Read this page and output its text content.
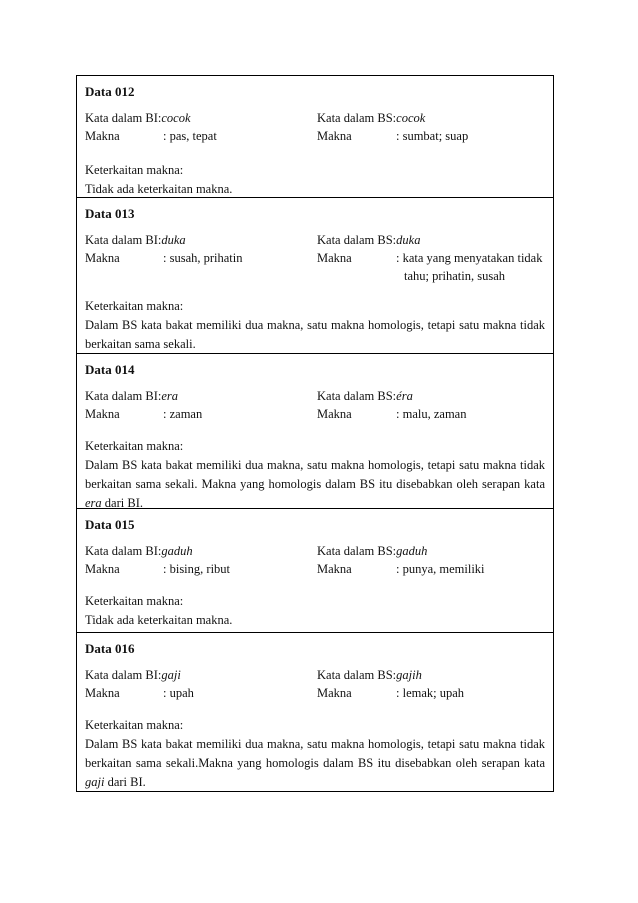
Data 012
Kata dalam BI:cocok	Kata dalam BS:cocok
Makna	: pas, tepat	Makna	: sumbat; suap
Keterkaitan makna:
Tidak ada keterkaitan makna.
Data 013
Kata dalam BI:duka	Kata dalam BS:duka
Makna	: susah, prihatin	Makna	: kata yang menyatakan tidak
tahu; prihatin, susah
Keterkaitan makna:
Dalam BS kata bakat memiliki dua makna, satu makna homologis, tetapi satu makna tidak berkaitan sama sekali.
Data 014
Kata dalam BI:era	Kata dalam BS:éra
Makna	: zaman	Makna	: malu, zaman
Keterkaitan makna:
Dalam BS kata bakat memiliki dua makna, satu makna homologis, tetapi satu makna tidak berkaitan sama sekali. Makna yang homologis dalam BS itu disebabkan oleh serapan kata era dari BI.
Data 015
Kata dalam BI:gaduh	Kata dalam BS:gaduh
Makna	: bising, ribut	Makna	: punya, memiliki
Keterkaitan makna:
Tidak ada keterkaitan makna.
Data 016
Kata dalam BI:gaji	Kata dalam BS:gajih
Makna	: upah	Makna	: lemak; upah
Keterkaitan makna:
Dalam BS kata bakat memiliki dua makna, satu makna homologis, tetapi satu makna tidak berkaitan sama sekali.Makna yang homologis dalam BS itu disebabkan oleh serapan kata gaji dari BI.
